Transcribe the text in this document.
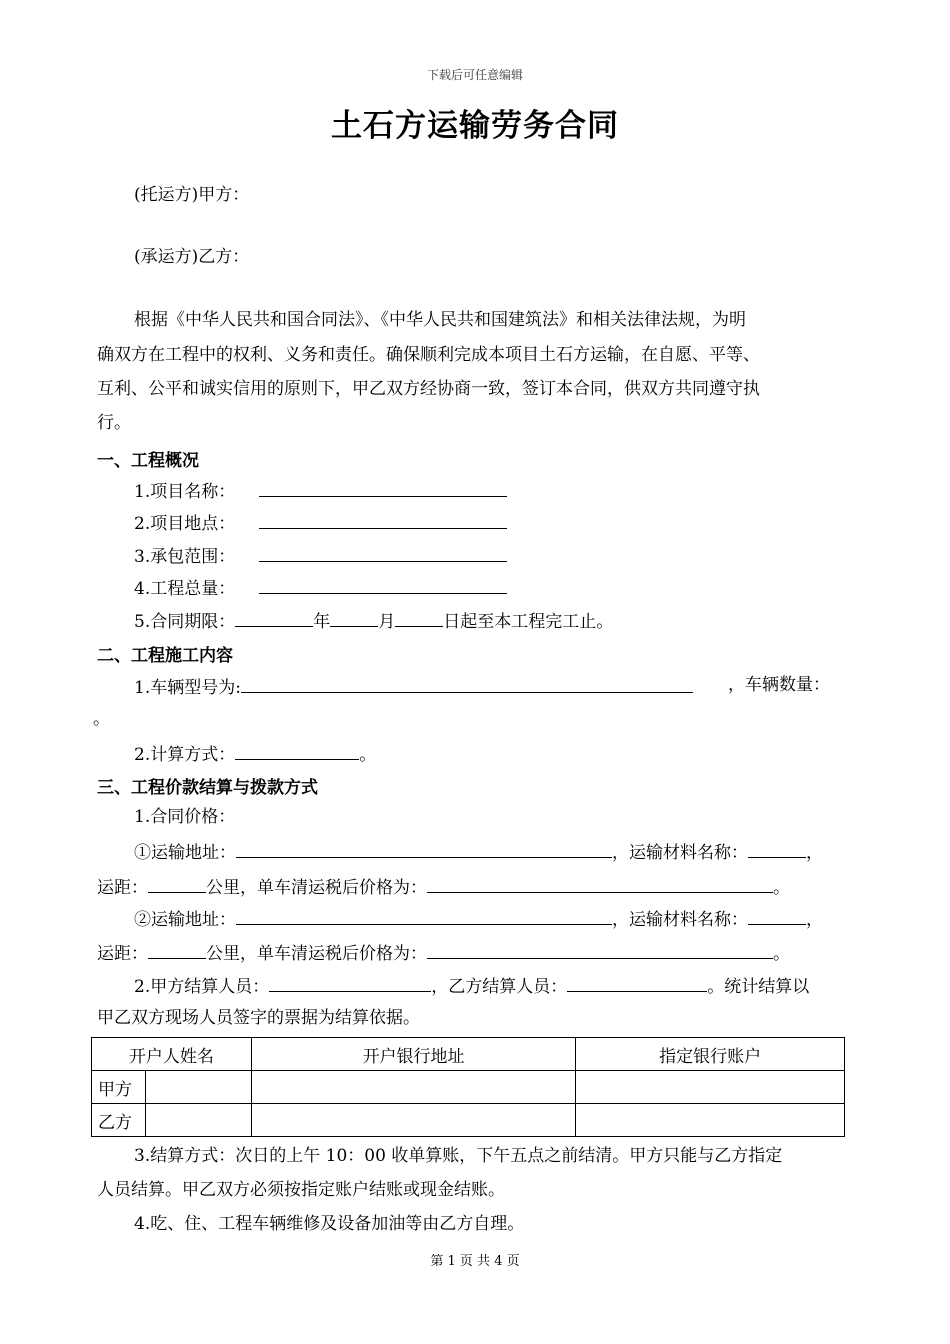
下载后可任意编辑
土石方运输劳务合同
(托运方)甲方：
(承运方)乙方：
根据《中华人民共和国合同法》、《中华人民共和国建筑法》和相关法律法规，为明
确双方在工程中的权利、义务和责任。确保顺利完成本项目土石方运输，在自愿、平等、
互利、公平和诚实信用的原则下，甲乙双方经协商一致，签订本合同，供双方共同遵守执
行。
一、工程概况
1.项目名称：
2.项目地点：
3.承包范围：
4.工程总量：
5.合同期限：	年	月	日起至本工程完工止。
二、工程施工内容
1.车辆型号为:	，车辆数量：
。
2.计算方式：	。
三、工程价款结算与拨款方式
1.合同价格：
①运输地址：	，运输材料名称：	，
运距：	公里，单车清运税后价格为：	。
②运输地址：	，运输材料名称：	，
运距：	公里，单车清运税后价格为：	。
2.甲方结算人员：	，乙方结算人员：	。统计结算以
甲乙双方现场人员签字的票据为结算依据。
开户人姓名		开户银行地址	指定银行账户
甲方			
乙方			
3.结算方式：次日的上午 10：00 收单算账，下午五点之前结清。甲方只能与乙方指定
人员结算。甲乙双方必须按指定账户结账或现金结账。
4.吃、住、工程车辆维修及设备加油等由乙方自理。
第 1 页 共 4 页
